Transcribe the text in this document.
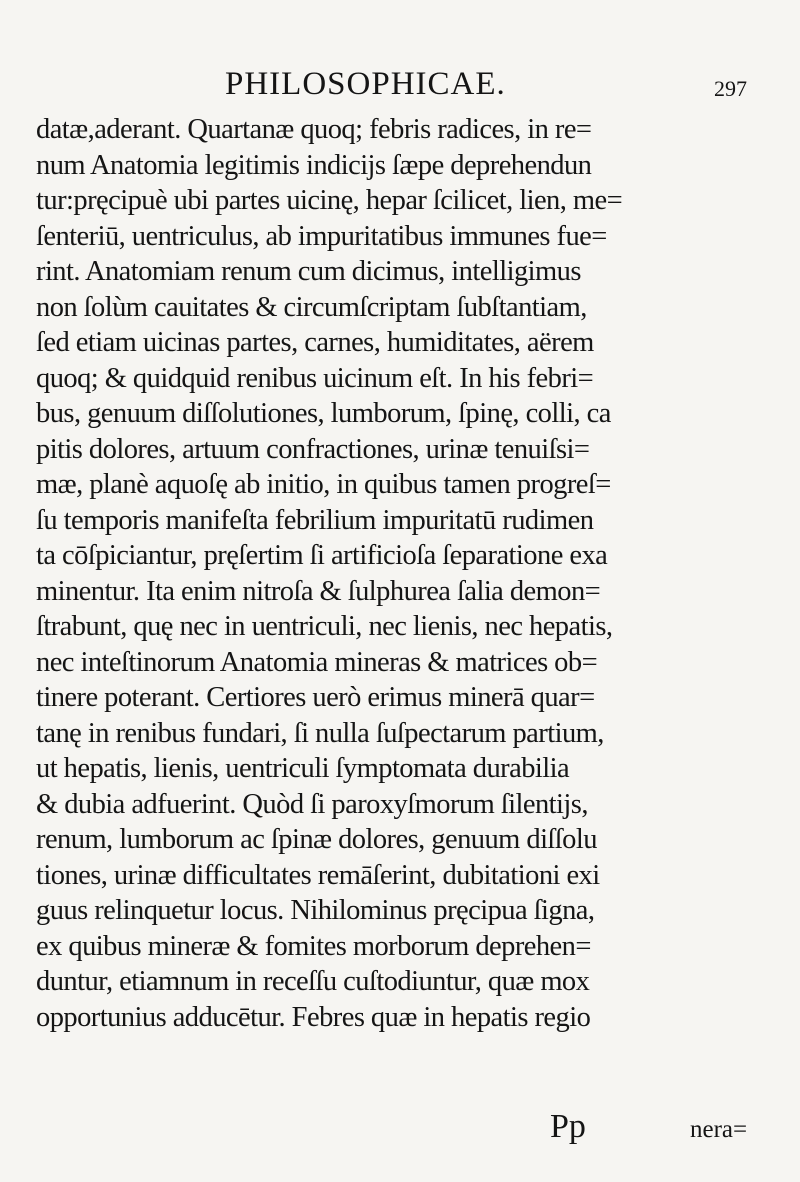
PHILOSOPHICAE.	297
datæ,aderant. Quartanæ quoq; febris radices, in re=
num Anatomia legitimis indicijs ſæpe deprehendun
tur:pręcipuè ubi partes uicinę, hepar ſcilicet, lien, me=
ſenteriū, uentriculus, ab impuritatibus immunes fue=
rint. Anatomiam renum cum dicimus, intelligimus
non ſolùm cauitates & circumſcriptam ſubſtantiam,
ſed etiam uicinas partes, carnes, humiditates, aërem
quoq; & quidquid renibus uicinum eſt. In his febri=
bus, genuum diſſolutiones, lumborum, ſpinę, colli, ca
pitis dolores, artuum confractiones, urinæ tenuiſsi=
mæ, planè aquoſę ab initio, in quibus tamen progreſ=
ſu temporis manifeſta febrilium impuritatū rudimen
ta cōſpiciantur, pręſertim ſi artificioſa ſeparatione exa
minentur. Ita enim nitroſa & ſulphurea ſalia demon=
ſtrabunt, quę nec in uentriculi, nec lienis, nec hepatis,
nec inteſtinorum Anatomia mineras & matrices ob=
tinere poterant. Certiores uerò erimus minerā quar=
tanę in renibus fundari, ſi nulla ſuſpectarum partium,
ut hepatis, lienis, uentriculi ſymptomata durabilia
& dubia adfuerint. Quòd ſi paroxyſmorum ſilentijs,
renum, lumborum ac ſpinæ dolores, genuum diſſolu
tiones, urinæ difficultates remāſerint, dubitationi exi
guus relinquetur locus. Nihilominus pręcipua ſigna,
ex quibus mineræ & fomites morborum deprehen=
duntur, etiamnum in receſſu cuſtodiuntur, quæ mox
opportunius adducētur. Febres quæ in hepatis regio
Pp	nera=
